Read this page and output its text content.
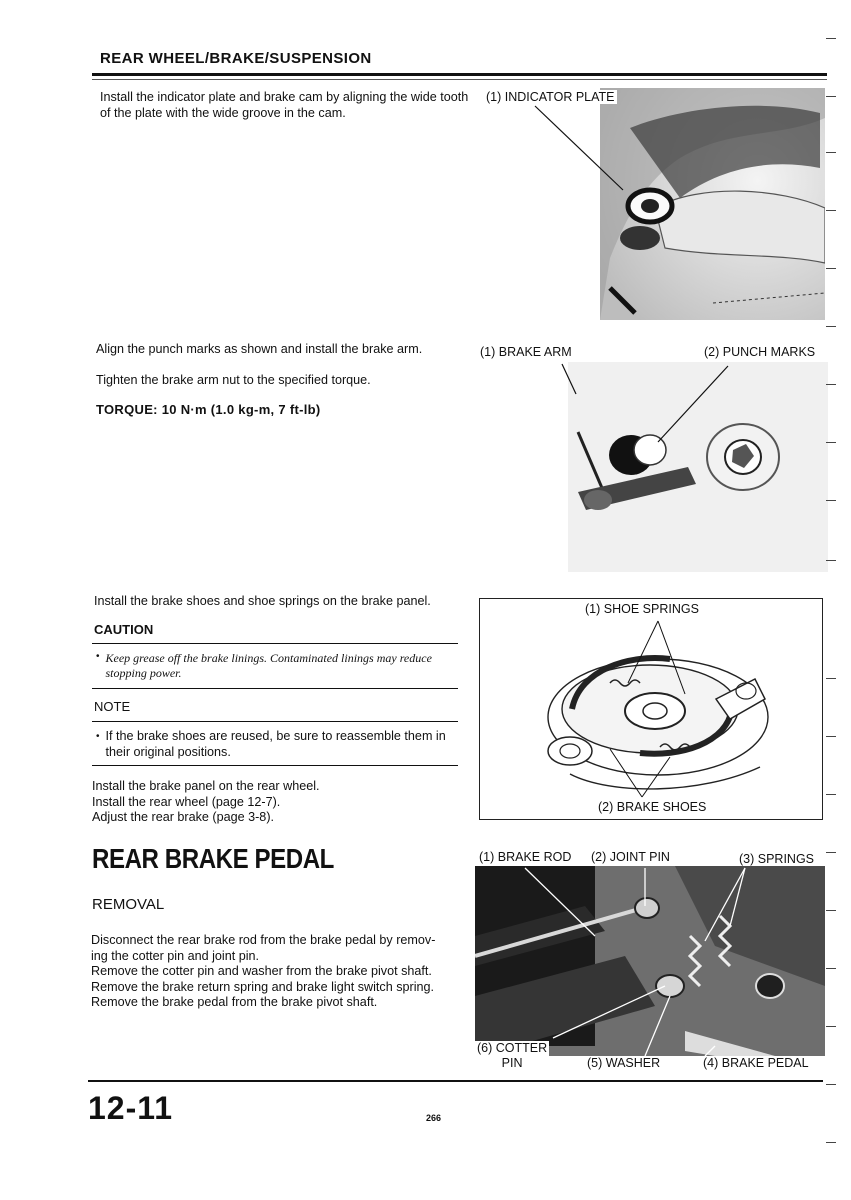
REAR WHEEL/BRAKE/SUSPENSION
Install the indicator plate and brake cam by aligning the wide tooth of the plate with the wide groove in the cam.
(1) INDICATOR PLATE
Align the punch marks as shown and install the brake arm.
Tighten the brake arm nut to the specified torque.
TORQUE: 10 N·m (1.0 kg-m, 7 ft-lb)
(1) BRAKE ARM	(2) PUNCH MARKS
Install the brake shoes and shoe springs on the brake panel.
CAUTION
• Keep grease off the brake linings. Contaminated linings may reduce stopping power.
NOTE
• If the brake shoes are reused, be sure to reassemble them in their original positions.

Install the brake panel on the rear wheel.

Install the rear wheel (page 12-7).

Adjust the rear brake (page 3-8).

(1) SHOE SPRINGS
(2) BRAKE SHOES
REAR BRAKE PEDAL
REMOVAL

Disconnect the rear brake rod from the brake pedal by remov-

ing the cotter pin and joint pin.

Remove the cotter pin and washer from the brake pivot shaft.

Remove the brake return spring and brake light switch spring.

Remove the brake pedal from the brake pivot shaft.

(1) BRAKE ROD (2) JOINT PIN	(3) SPRINGS
(6) COTTER
PIN	(5) WASHER	(4) BRAKE PEDAL
12-11	266
